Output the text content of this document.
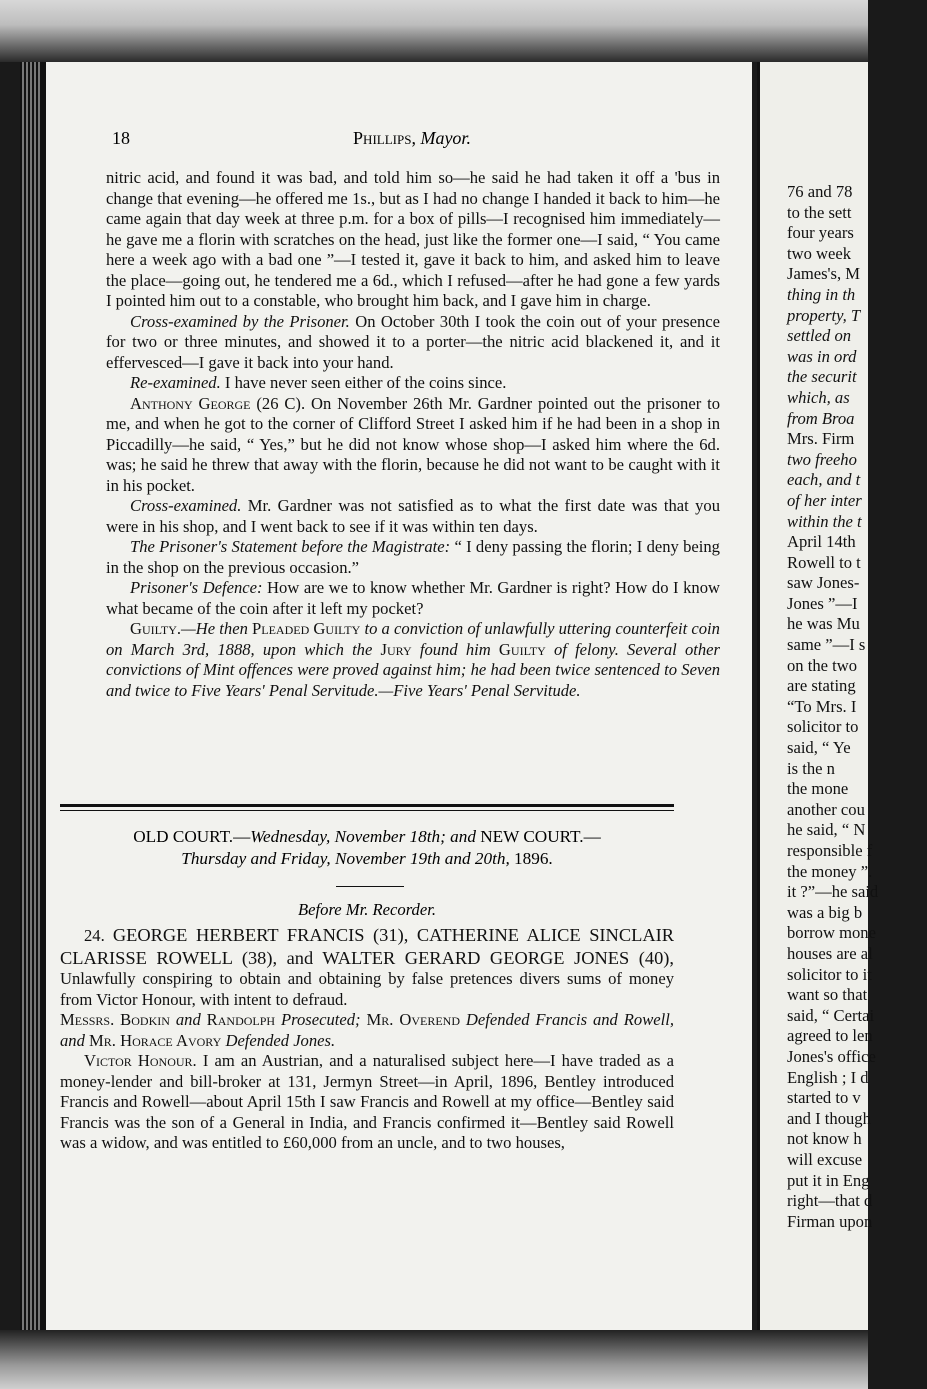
18	Phillips, Mayor.

nitric acid, and found it was bad, and told him so—he said he had taken it off a 'bus in change that evening—he offered me 1s., but as I had no change I handed it back to him—he came again that day week at three p.m. for a box of pills—I recognised him immediately—he gave me a florin with scratches on the head, just like the former one—I said, “ You came here a week ago with a bad one ”—I tested it, gave it back to him, and asked him to leave the place—going out, he tendered me a 6d., which I refused—after he had gone a few yards I pointed him out to a constable, who brought him back, and I gave him in charge.

Cross-examined by the Prisoner. On October 30th I took the coin out of your presence for two or three minutes, and showed it to a porter—the nitric acid blackened it, and it effervesced—I gave it back into your hand.

Re-examined. I have never seen either of the coins since.

Anthony George (26 C). On November 26th Mr. Gardner pointed out the prisoner to me, and when he got to the corner of Clifford Street I asked him if he had been in a shop in Piccadilly—he said, “ Yes,” but he did not know whose shop—I asked him where the 6d. was; he said he threw that away with the florin, because he did not want to be caught with it in his pocket.

Cross-examined. Mr. Gardner was not satisfied as to what the first date was that you were in his shop, and I went back to see if it was within ten days.

The Prisoner's Statement before the Magistrate: “ I deny passing the florin; I deny being in the shop on the previous occasion.”

Prisoner's Defence: How are we to know whether Mr. Gardner is right? How do I know what became of the coin after it left my pocket?

Guilty.—He then Pleaded Guilty to a conviction of unlawfully uttering counterfeit coin on March 3rd, 1888, upon which the Jury found him Guilty of felony. Several other convictions of Mint offences were proved against him; he had been twice sentenced to Seven and twice to Five Years' Penal Servitude.—Five Years' Penal Servitude.

OLD COURT.—Wednesday, November 18th; and NEW COURT.—
Thursday and Friday, November 19th and 20th, 1896.
Before Mr. Recorder.

24. GEORGE HERBERT FRANCIS (31), CATHERINE ALICE SINCLAIR CLARISSE ROWELL (38), and WALTER GERARD GEORGE JONES (40), Unlawfully conspiring to obtain and obtaining by false pretences divers sums of money from Victor Honour, with intent to defraud.

Messrs. Bodkin and Randolph Prosecuted; Mr. Overend Defended Francis and Rowell, and Mr. Horace Avory Defended Jones.

Victor Honour. I am an Austrian, and a naturalised subject here—I have traded as a money-lender and bill-broker at 131, Jermyn Street—in April, 1896, Bentley introduced Francis and Rowell—about April 15th I saw Francis and Rowell at my office—Bentley said Francis was the son of a General in India, and Francis confirmed it—Bentley said Rowell was a widow, and was entitled to £60,000 from an uncle, and to two houses,

76 and 78
to the sett
four years
two week
James's, M
thing in th
property, T
settled on
was in ord
the securit
which, as
from Broa
Mrs. Firm
two freeho
each, and t
of her inter
within the t
April 14th
Rowell to t
saw Jones-
Jones ”—I
he was Mu
same ”—I s
on the two
are stating
“To Mrs. I
solicitor to
said, “ Ye
is the n
the mone
another cou
he said, “ N
responsible f
the money ”.
it ?”—he said
was a big b
borrow mone
houses are al
solicitor to it
want so that
said, “ Certai
agreed to len
Jones's office
English ; I d
started to v
and I though
not know h
will excuse
put it in Eng
right—that d
Firman upon
